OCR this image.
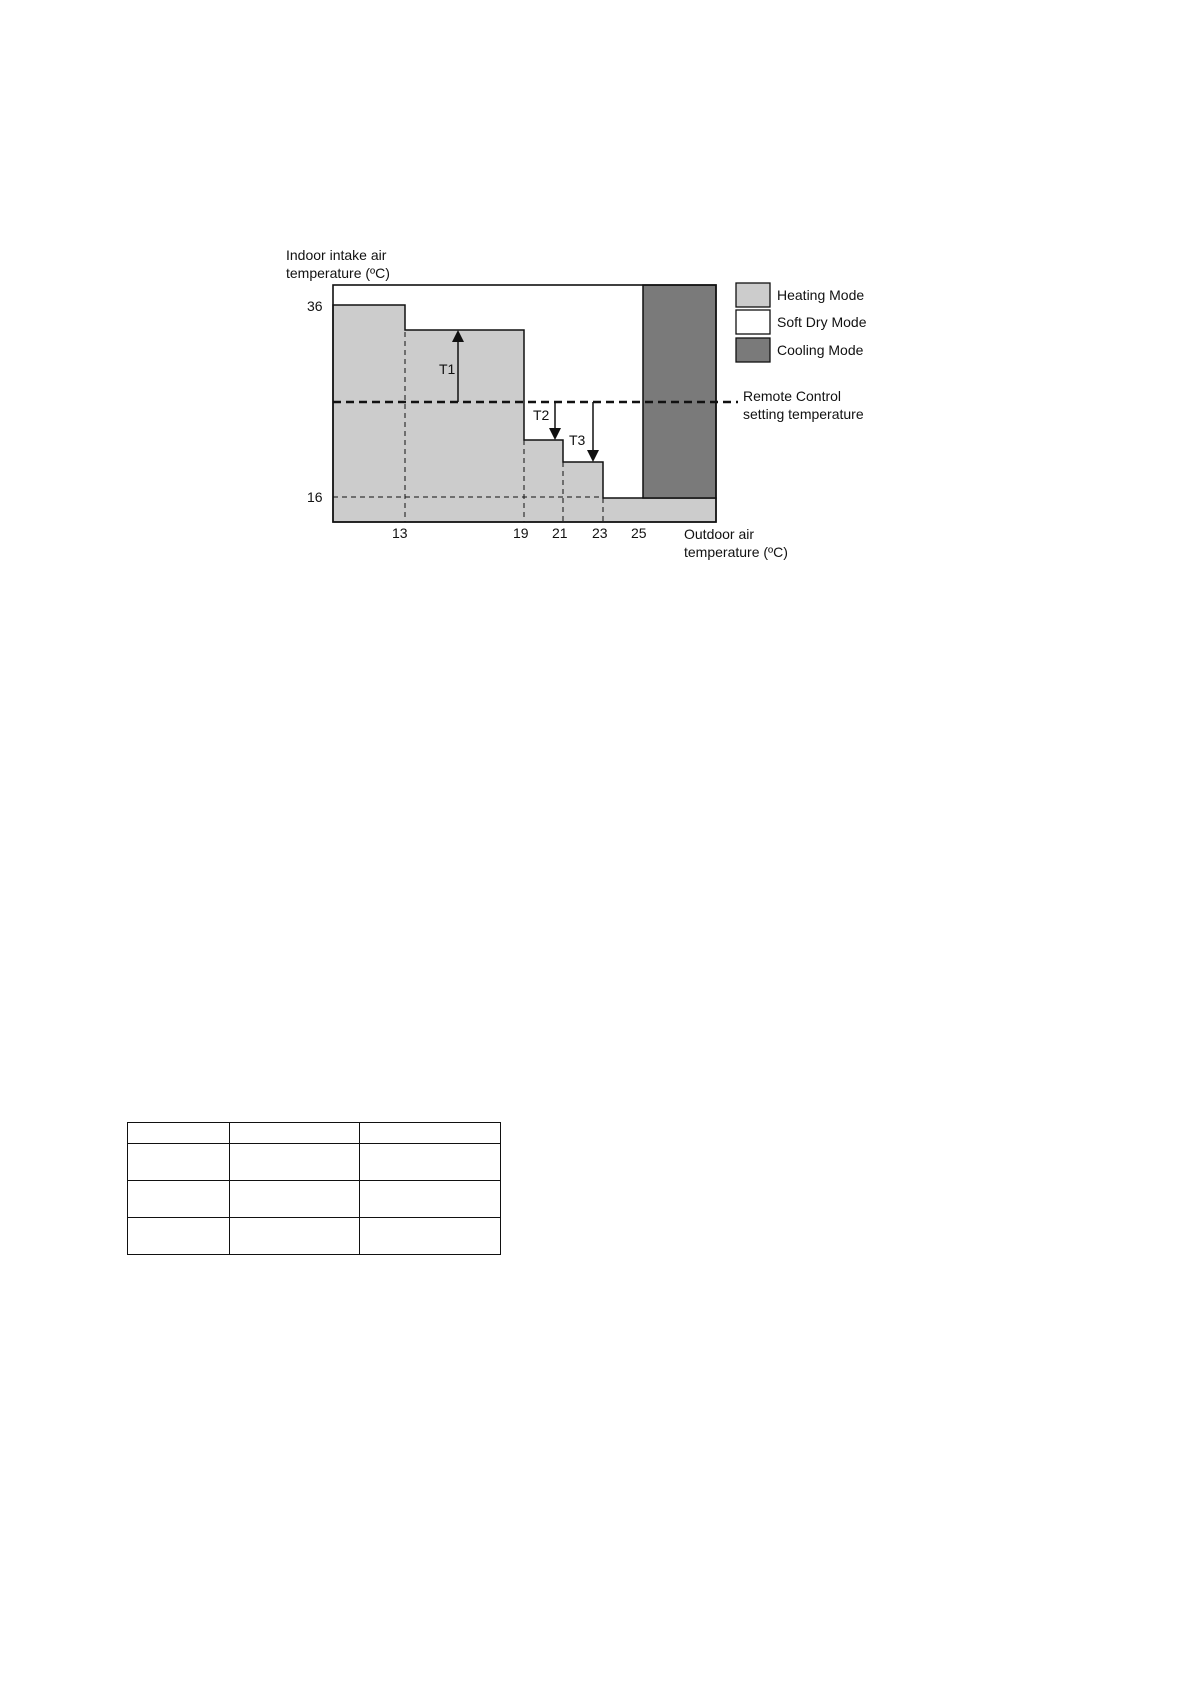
Indoor intake air
temperature (ºC)
36
16
13	19 21 23 25	Outdoor air
temperature (ºC)
T1
T2
T3
Remote Control
setting temperature
Heating Mode
Soft Dry Mode
Cooling Mode
